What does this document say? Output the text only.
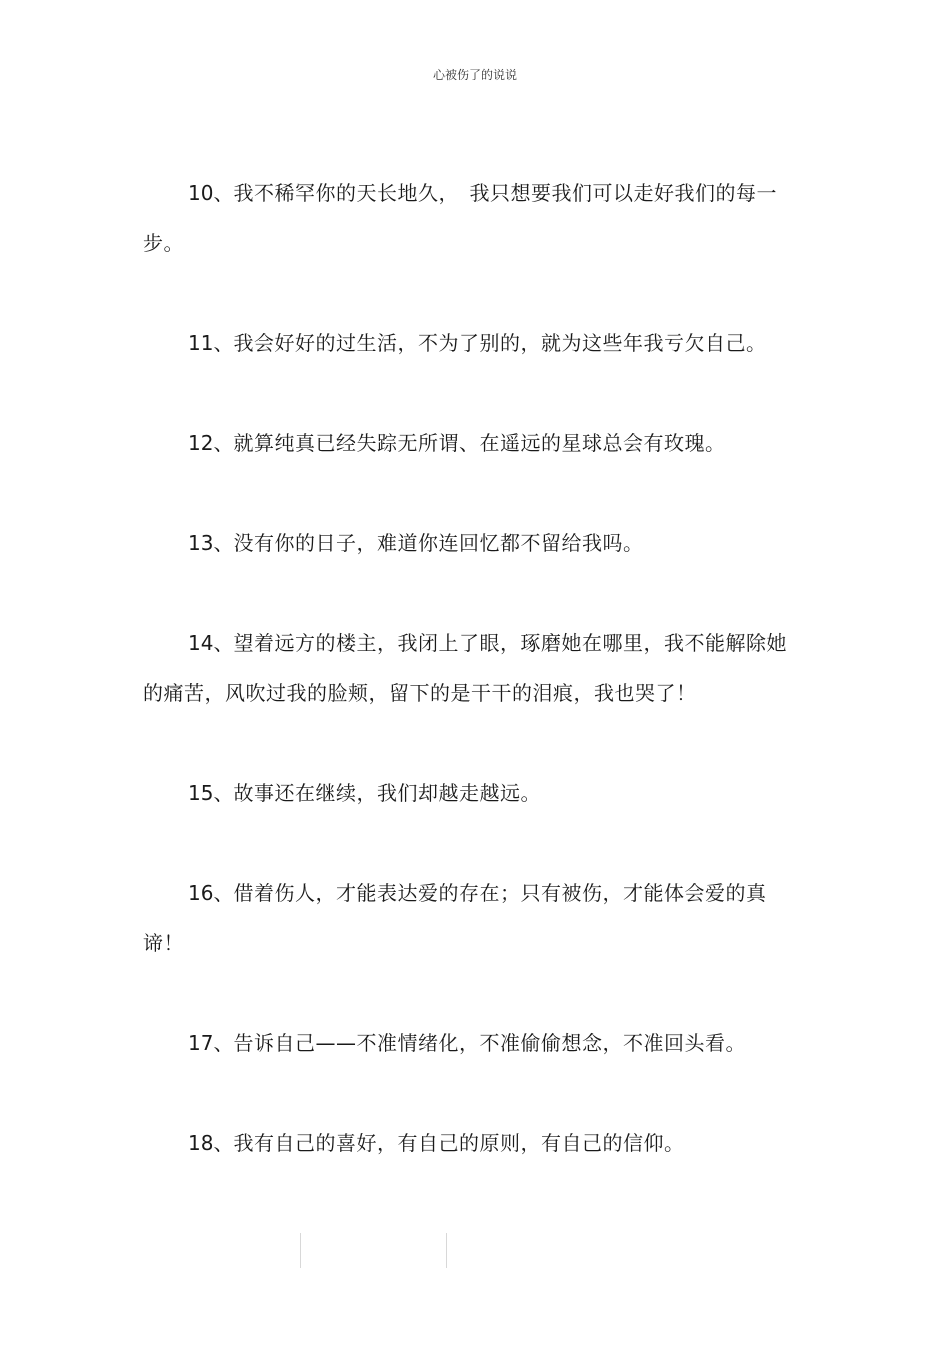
心被伤了的说说

10、我不稀罕你的天长地久，　我只想要我们可以走好我们的每一步。

11、我会好好的过生活，不为了别的，就为这些年我亏欠自己。

12、就算纯真已经失踪无所谓、在遥远的星球总会有玫瑰。

13、没有你的日子，难道你连回忆都不留给我吗。

14、望着远方的楼主，我闭上了眼，琢磨她在哪里，我不能解除她的痛苦，风吹过我的脸颊，留下的是干干的泪痕，我也哭了！

15、故事还在继续，我们却越走越远。

16、借着伤人，才能表达爱的存在；只有被伤，才能体会爱的真谛！

17、告诉自己——不准情绪化，不准偷偷想念，不准回头看。

18、我有自己的喜好，有自己的原则，有自己的信仰。
